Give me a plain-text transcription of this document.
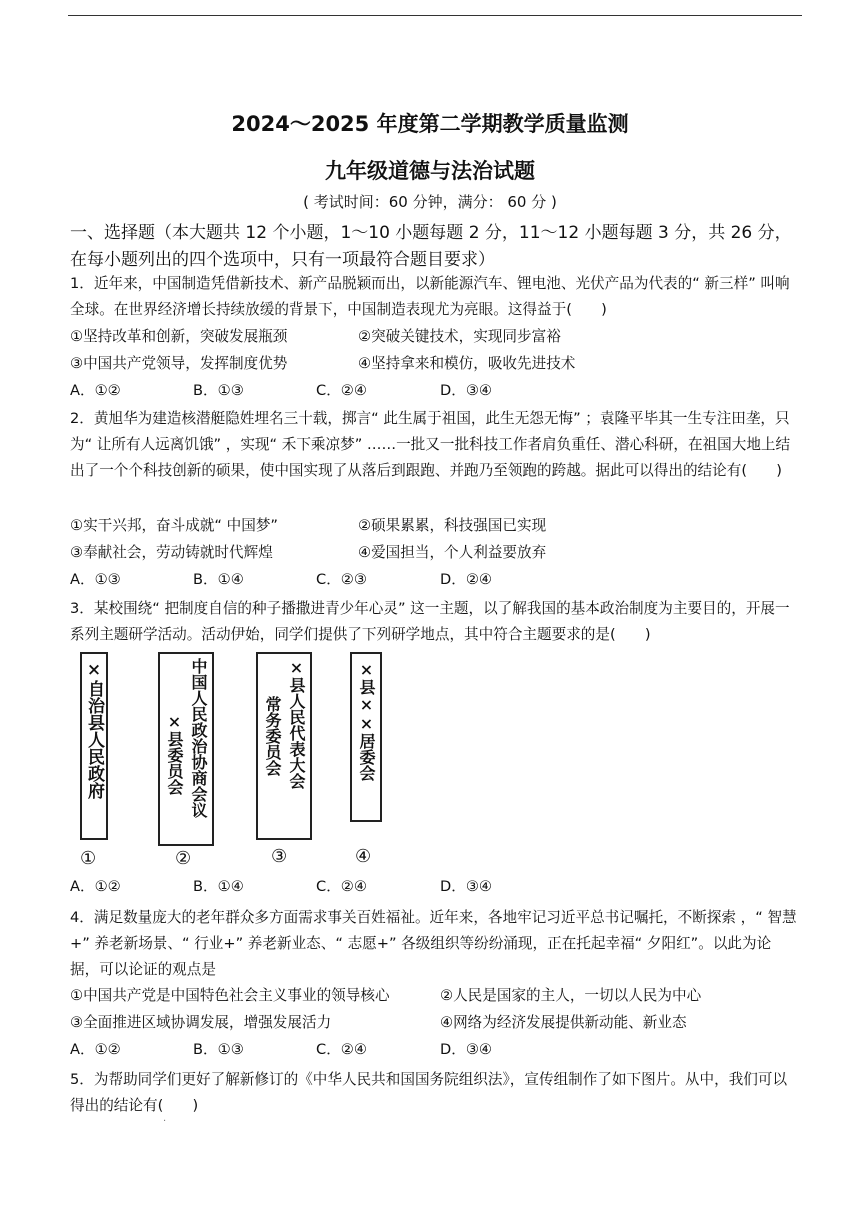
2024～2025 年度第二学期教学质量监测
九年级道德与法治试题
( 考试时间：60 分钟，满分： 60 分 )
一、选择题（本大题共 12 个小题，1～10 小题每题 2 分，11～12 小题每题 3 分，共 26 分，在每小题列出的四个选项中，只有一项最符合题目要求）
1．近年来，中国制造凭借新技术、新产品脱颖而出，以新能源汽车、锂电池、光伏产品为代表的“ 新三样” 叫响全球。在世界经济增长持续放缓的背景下，中国制造表现尤为亮眼。这得益于(　　)
①坚持改革和创新，突破发展瓶颈	②突破关键技术，实现同步富裕
③中国共产党领导，发挥制度优势	④坚持拿来和模仿，吸收先进技术
A．①②	B．①③	C．②④	D．③④
2．黄旭华为建造核潜艇隐姓埋名三十载，掷言“ 此生属于祖国，此生无怨无悔” ；袁隆平毕其一生专注田垄，只为“ 让所有人远离饥饿” ，实现“ 禾下乘凉梦” ……一批又一批科技工作者肩负重任、潜心科研，在祖国大地上结出了一个个科技创新的硕果，使中国实现了从落后到跟跑、并跑乃至领跑的跨越。据此可以得出的结论有(　　)
①实干兴邦，奋斗成就“ 中国梦”	②硕果累累，科技强国已实现
③奉献社会，劳动铸就时代辉煌	④爱国担当，个人利益要放弃
A．①③	B．①④	C．②③	D．②④
3．某校围绕“ 把制度自信的种子播撒进青少年心灵” 这一主题，以了解我国的基本政治制度为主要目的，开展一系列主题研学活动。活动伊始，同学们提供了下列研学地点，其中符合主题要求的是(　　)
×自治县人民政府
①
中国人民政治协商会议
×县委员会
②
×县人民代表大会
常务委员会
③
×县××居委会
④
A．①②	B．①④	C．②④	D．③④
4．满足数量庞大的老年群众多方面需求事关百姓福祉。近年来，各地牢记习近平总书记嘱托，不断探索 ，“ 智慧+” 养老新场景、“ 行业+” 养老新业态、“ 志愿+” 各级组织等纷纷涌现，正在托起幸福“ 夕阳红”。以此为论据，可以论证的观点是
①中国共产党是中国特色社会主义事业的领导核心	②人民是国家的主人，一切以人民为中心
③全面推进区域协调发展，增强发展活力	④网络为经济发展提供新动能、新业态
A．①②	B．①③	C．②④	D．③④
5．为帮助同学们更好了解新修订的《中华人民共和国国务院组织法》，宣传组制作了如下图片。从中，我们可以得出的结论有(　　)
·
